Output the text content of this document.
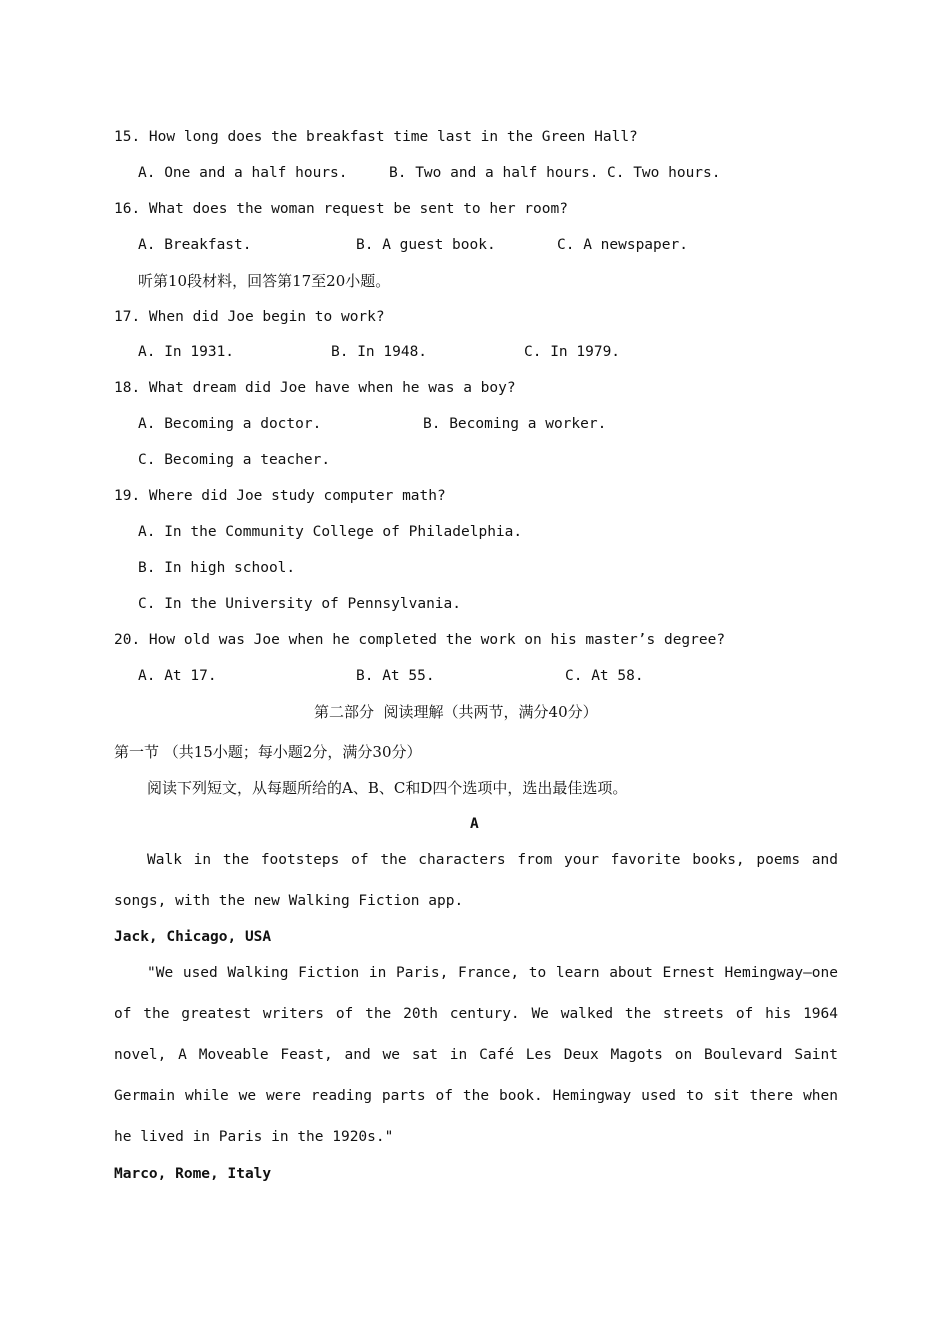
15. How long does the breakfast time last in the Green Hall?
A. One and a half hours.	B. Two and a half hours. C. Two hours.
16. What does the woman request be sent to her room?
A. Breakfast.	B. A guest book.	C. A newspaper.
听第10段材料，回答第17至20小题。
17. When did Joe begin to work?
A. In 1931.	B. In 1948.	C. In 1979.
18. What dream did Joe have when he was a boy?
A. Becoming a doctor.	B. Becoming a worker.
C. Becoming a teacher.
19. Where did Joe study computer math?
A. In the Community College of Philadelphia.
B. In high school.
C. In the University of Pennsylvania.
20. How old was Joe when he completed the work on his master’s degree?
A. At 17.	B. At 55.	C. At 58.
第二部分  阅读理解（共两节，满分40分）
第一节 （共15小题；每小题2分，满分30分）
阅读下列短文，从每题所给的A、B、C和D四个选项中，选出最佳选项。
A

Walk in the footsteps of the characters from your favorite books, poems and songs, with the new Walking Fiction app.

Jack, Chicago, USA

"We used Walking Fiction in Paris, France, to learn about Ernest Hemingway—one of the greatest writers of the 20th century. We walked the streets of his 1964 novel, A Moveable Feast, and we sat in Café Les Deux Magots on Boulevard Saint Germain while we were reading parts of the book. Hemingway used to sit there when he lived in Paris in the 1920s."

Marco, Rome, Italy
